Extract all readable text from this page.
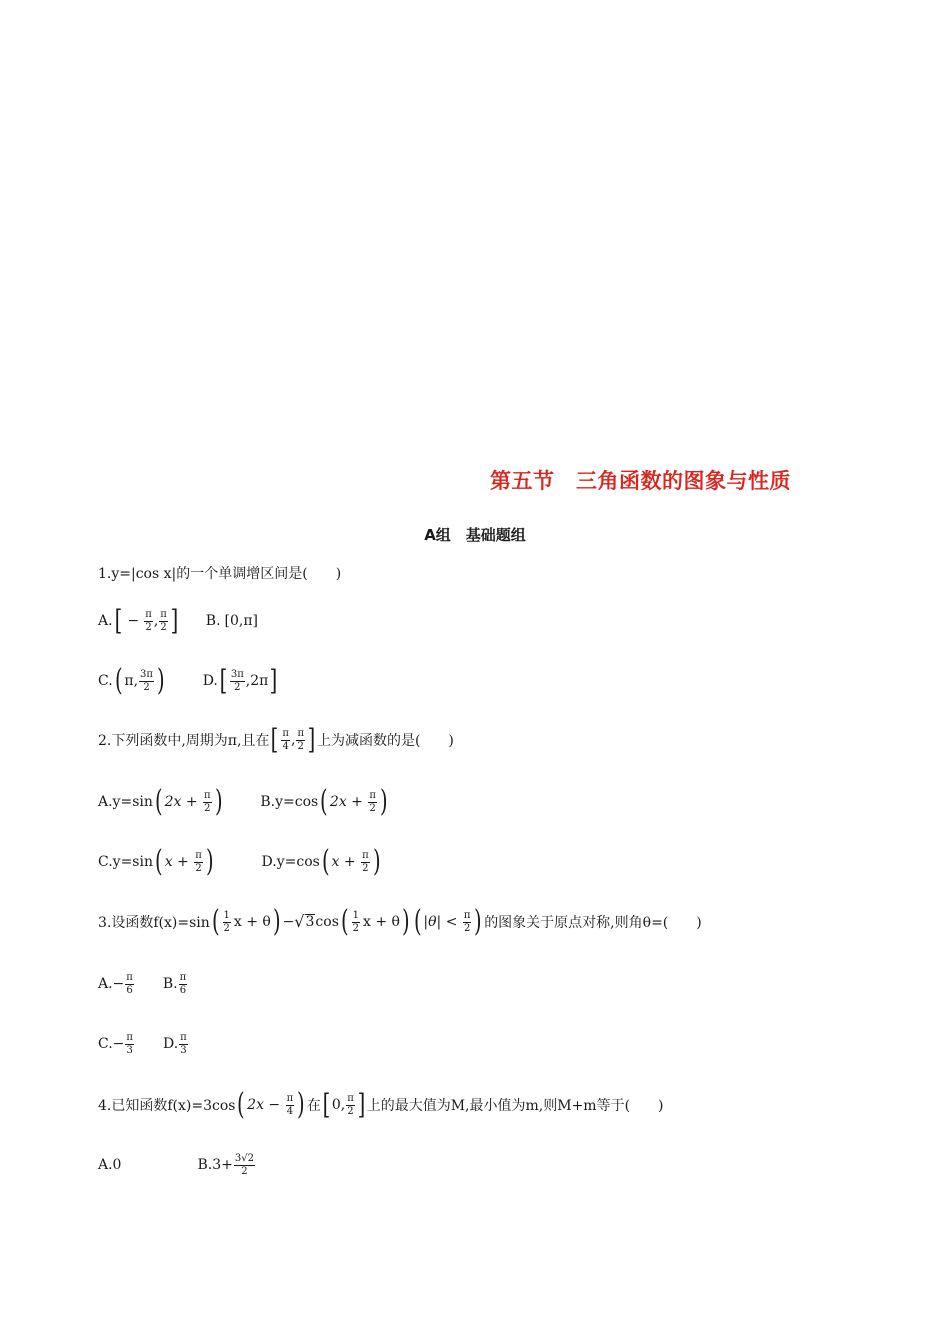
第五节　三角函数的图象与性质
A组　基础题组
1.y=|cos x|的一个单调增区间是(　　)
A. [ − $\frac{\pi}{2}$ , $\frac{\pi}{2}$ ] B. [0,π]
C. ( π, $\frac{3\pi}{2}$ )	D. [ $\frac{3\pi}{2} ,2\pi$ ]
2.下列函数中,周期为π,且在 [ $\frac{\pi}{4}$ , $\frac{\pi}{2}$ ] 上为减函数的是(　　)
A.y=sin ( $2x + \frac{\pi}{2}$ )	B.y=cos ( $2x + \frac{\pi}{2}$ )
C.y=sin ( $x + \frac{\pi}{2}$ )	D.y=cos ( $x + \frac{\pi}{2}$ )
3.设函数f(x)=sin ( $\frac{1}{2}$ x + θ ) − √ 3 cos ( $\frac{1}{2}$ x + θ ) ( $|\theta| < \frac{\pi}{2}$ ) 的图象关于原点对称,则角θ=(　　)
$A.- \frac{\pi}{6} B$. $\frac{\pi}{6}$
$C.- \frac{\pi}{3} D$. $\frac{\pi}{3}$
4.已知函数f(x)=3cos ( $2x - \frac{\pi}{4}$ ) 在 [ 0, $\frac{\pi}{2}$ ] 上的最大值为M,最小值为m,则M+m等于(　　)
A.0	$B.3+ \frac{3√2}{2}$
